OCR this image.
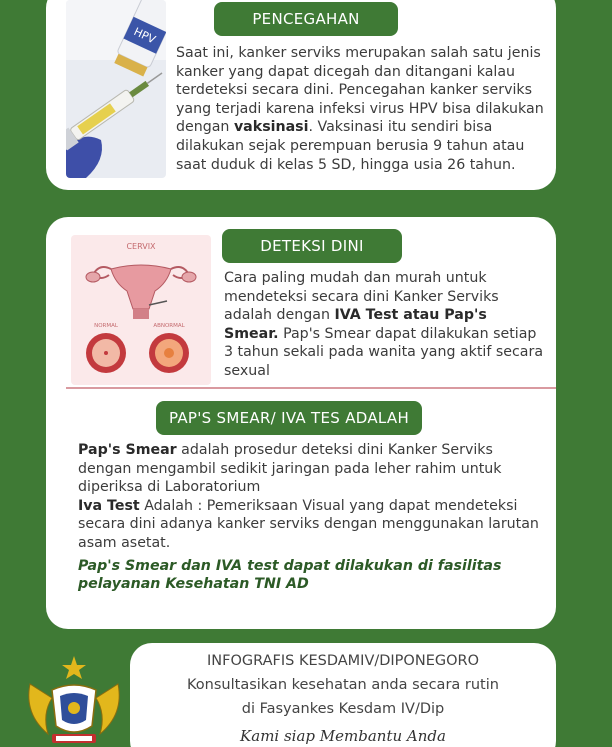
HPV
PENCEGAHAN
Saat ini, kanker serviks merupakan salah satu jenis kanker yang dapat dicegah dan ditangani kalau terdeteksi secara dini. Pencegahan kanker serviks yang terjadi karena infeksi virus HPV bisa dilakukan dengan vaksinasi. Vaksinasi itu sendiri bisa dilakukan sejak perempuan berusia 9 tahun atau saat duduk di kelas 5 SD, hingga usia 26 tahun.
CERVIX
NORMAL	ABNORMAL
DETEKSI DINI
Cara paling mudah dan murah untuk mendeteksi secara dini Kanker Serviks adalah dengan IVA Test atau Pap's Smear. Pap's Smear dapat dilakukan setiap 3 tahun sekali pada wanita yang aktif secara sexual
PAP'S SMEAR/ IVA TES ADALAH

Pap's Smear adalah prosedur deteksi dini Kanker Serviks dengan mengambil sedikit jaringan pada leher rahim untuk diperiksa di Laboratorium

Iva Test Adalah : Pemeriksaan Visual yang dapat mendeteksi secara dini adanya kanker serviks dengan menggunakan larutan asam asetat.

Pap's Smear dan IVA test dapat dilakukan di fasilitas pelayanan Kesehatan TNI AD

INFOGRAFIS KESDAMIV/DIPONEGORO
Konsultasikan kesehatan anda secara rutin
di Fasyankes Kesdam IV/Dip
Kami siap Membantu Anda
